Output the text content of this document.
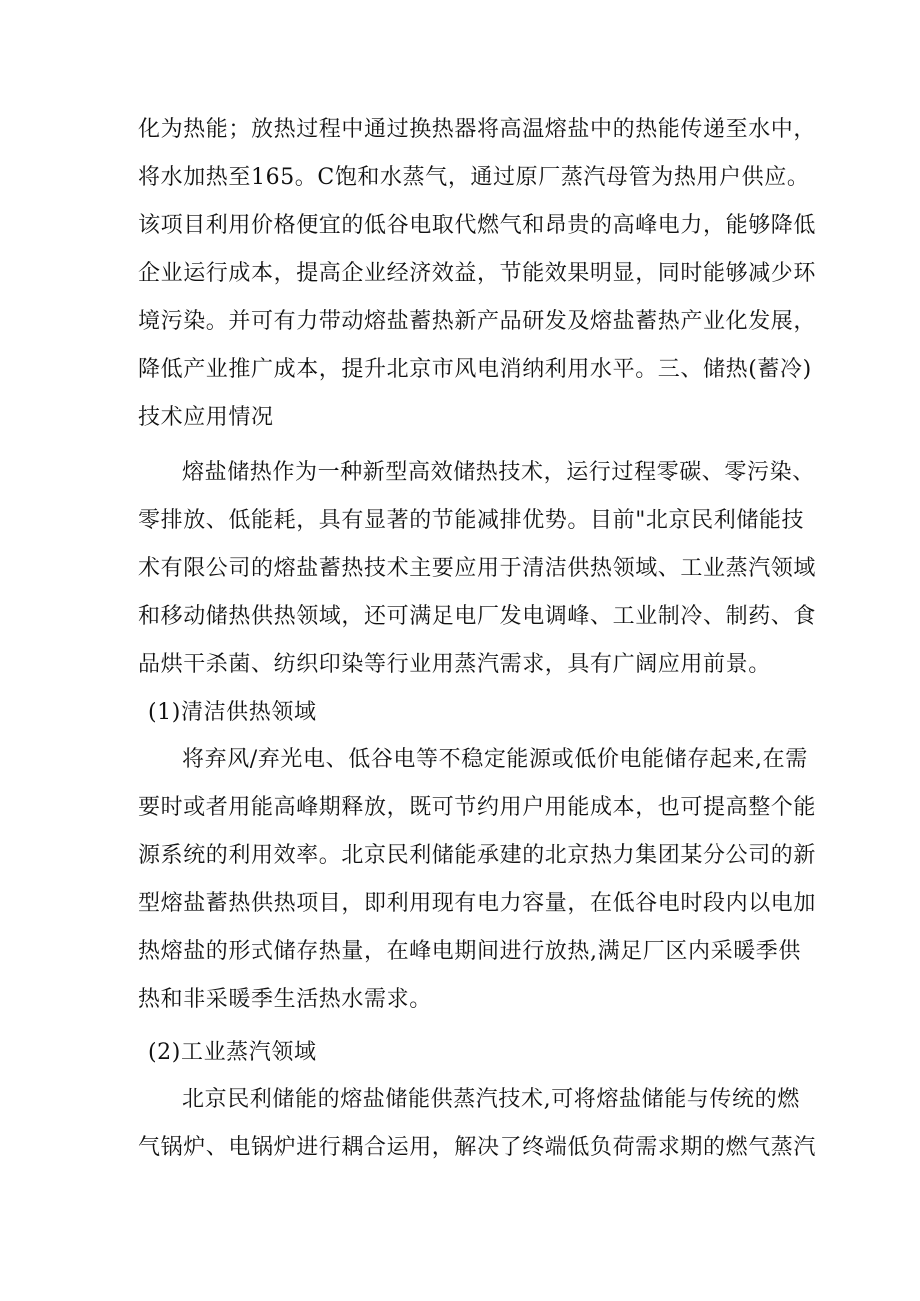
化为热能；放热过程中通过换热器将高温熔盐中的热能传递至水中，
将水加热至165。C饱和水蒸气，通过原厂蒸汽母管为热用户供应。
该项目利用价格便宜的低谷电取代燃气和昂贵的高峰电力，能够降低
企业运行成本，提高企业经济效益，节能效果明显，同时能够减少环
境污染。并可有力带动熔盐蓄热新产品研发及熔盐蓄热产业化发展，
降低产业推广成本，提升北京市风电消纳利用水平。三、储热(蓄冷)
技术应用情况
熔盐储热作为一种新型高效储热技术，运行过程零碳、零污染、
零排放、低能耗，具有显著的节能减排优势。目前"北京民利储能技
术有限公司的熔盐蓄热技术主要应用于清洁供热领域、工业蒸汽领域
和移动储热供热领域，还可满足电厂发电调峰、工业制冷、制药、食
品烘干杀菌、纺织印染等行业用蒸汽需求，具有广阔应用前景。
(1)清洁供热领域
将弃风/弃光电、低谷电等不稳定能源或低价电能储存起来,在需
要时或者用能高峰期释放，既可节约用户用能成本，也可提高整个能
源系统的利用效率。北京民利储能承建的北京热力集团某分公司的新
型熔盐蓄热供热项目，即利用现有电力容量，在低谷电时段内以电加
热熔盐的形式储存热量，在峰电期间进行放热,满足厂区内采暖季供
热和非采暖季生活热水需求。
(2)工业蒸汽领域
北京民利储能的熔盐储能供蒸汽技术,可将熔盐储能与传统的燃
气锅炉、电锅炉进行耦合运用，解决了终端低负荷需求期的燃气蒸汽
